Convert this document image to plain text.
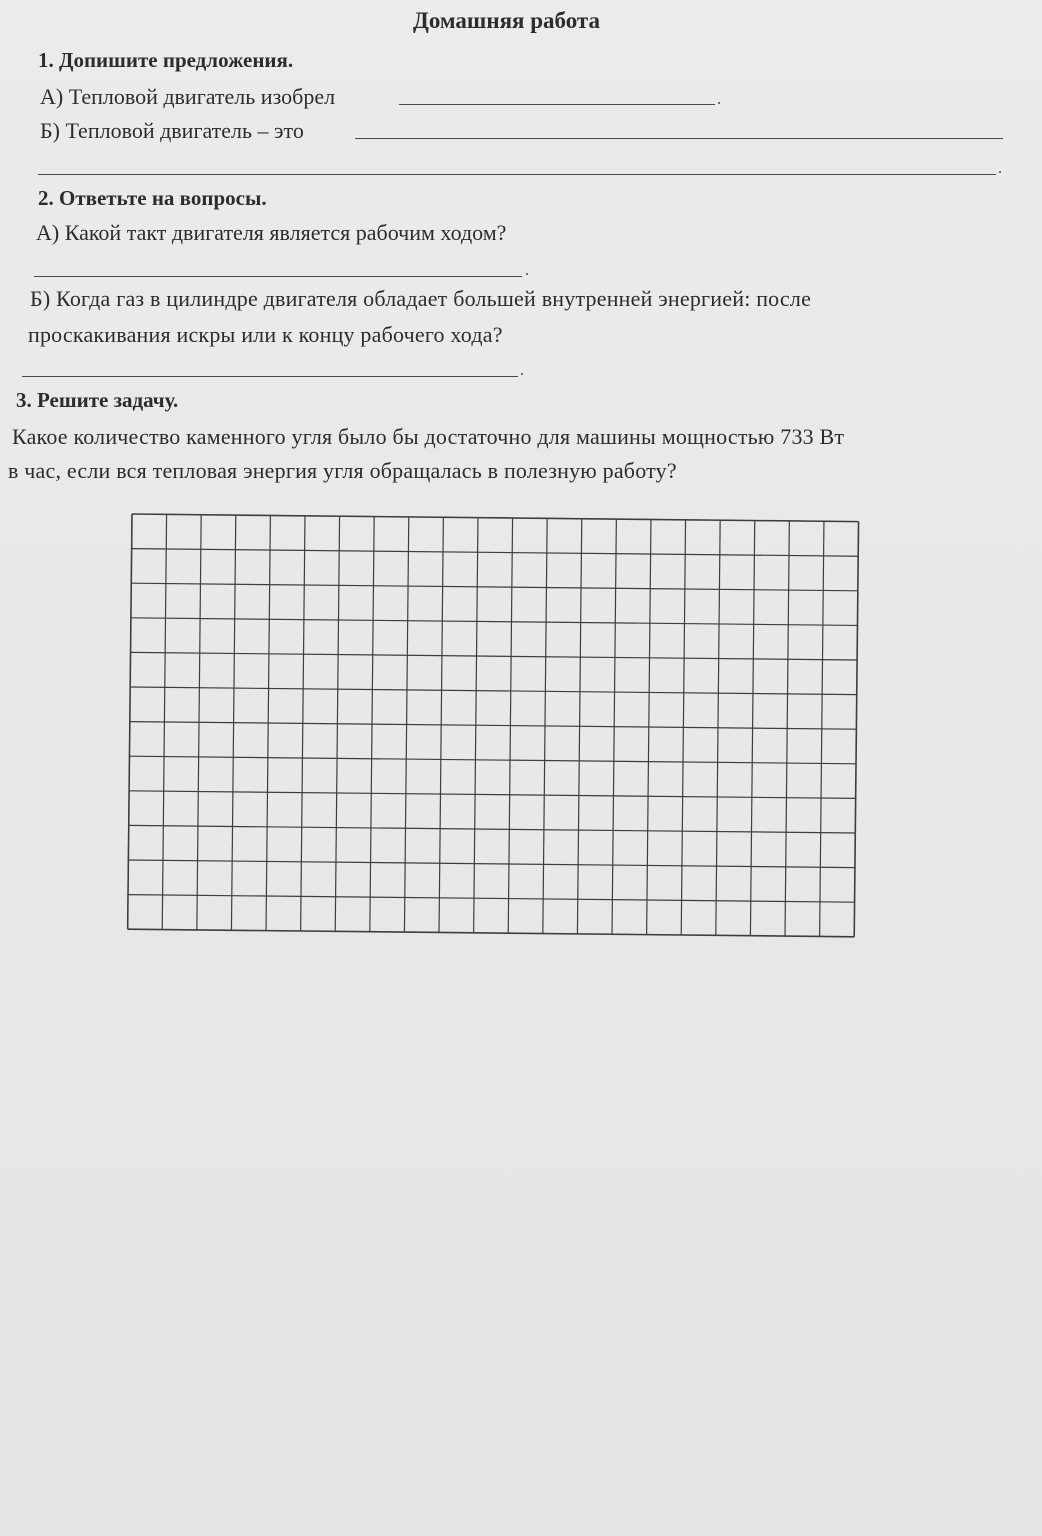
Домашняя работа
1. Допишите предложения.
А) Тепловой двигатель изобрел
Б) Тепловой двигатель – это
2. Ответьте на вопросы.
А) Какой такт двигателя является рабочим ходом?
Б) Когда газ в цилиндре двигателя обладает большей внутренней энергией: после
проскакивания искры или к концу рабочего хода?
3. Решите задачу.
Какое количество каменного угля было бы достаточно для машины мощностью 733 Вт
в час, если вся тепловая энергия угля обращалась в полезную работу?
